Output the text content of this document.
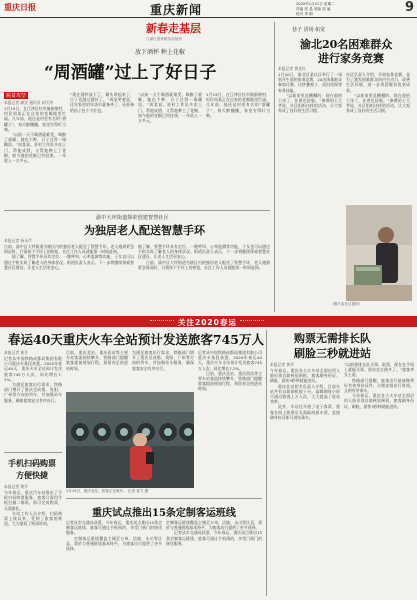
重庆日报	重庆新闻	2020年1月21日 星期二
责编 张 晶 美编 周 谧
校对 李 娟	9
新春走基层
江津区国家税务局组织
放下酒杯 种上花椒
“周酒罐”过上了好日子
脱贫攻坚
本报记者 颜安 通讯员 胡天荣

1月19日，在江津区杜市镇新塘村，村民周某正在自家的花椒地里忙碌。几年前，他还是村里有名的“酒罐子”，每天醉醺醺，家里穷得叮当响。

“以前一天不喝酒就难受，喝醉了就睡，地也不种，日子过得一塌糊涂。”周某说。驻村工作队多次上门，帮他戒酒，又帮他种上了花椒，如今他的花椒已经挂果，一年收入一万多元。

“现在酒杯放下了，锄头拿起来了，日子也越过越好了。”周某笑着说，过年家里的年货早就备齐了，还准备给孙子包个大红包。

“以前一天不喝酒就难受，喝醉了就睡，地也不种，日子过得一塌糊涂。”周某说。驻村工作队多次上门，帮他戒酒，又帮他种上了花椒，如今他的花椒已经挂果，一年收入一万多元。

1月19日，在江津区杜市镇新塘村，村民周某正在自家的花椒地里忙碌。几年前，他还是村里有名的“酒罐子”，每天醉醺醺，家里穷得叮当响。

巷子 清场 拓宽
渝北20名困难群众
进行家务竞赛
本报记者 黄光红

1月20日，渝北区某社区举行了一场别开生面的家务竞赛，20名困难群众参加比赛，比拼叠被子、清扫房间等家务技能。

“以前家里乱糟糟的，现在收拾干净了，住着也舒服。”参赛的王大爷说，社区组织这样的活动，让大家养成了良好的生活习惯。

社区负责人介绍，开展家务竞赛，是为了激发困难群众的内生动力，改善生活环境，进一步巩固脱贫攻坚成果。

“以前家里乱糟糟的，现在收拾干净了，住着也舒服。”参赛的王大爷说，社区组织这样的活动，让大家养成了良好的生活习惯。

（图片由社区提供）
渝中大坪街道探索创建智慧社区
为独居老人配送智慧手环
本报记者 杨永芹

日前，渝中区大坪街道为辖区内的独居老人配送了智慧手环，老人遇到紧急情况时，只需按下手环上的按钮，社区工作人员就能第一时间赶到。

据了解，智慧手环具有定位、一键呼叫、心率监测等功能，子女也可以通过手机实时了解老人的身体状况。街道负责人表示，下一步将继续探索智慧社区建设，让老人生活更安心。

据了解，智慧手环具有定位、一键呼叫、心率监测等功能，子女也可以通过手机实时了解老人的身体状况。街道负责人表示，下一步将继续探索智慧社区建设，让老人生活更安心。

日前，渝中区大坪街道为辖区内的独居老人配送了智慧手环，老人遇到紧急情况时，只需按下手环上的按钮，社区工作人员就能第一时间赶到。

关注2020春运
春运40天重庆火车全站预计发送旅客745万人
本报记者 黄乔

记者从中国铁路成都局集团有限公司重庆车务段获悉，2020年春运40天，重庆火车全站预计发送旅客745万人次，同比增长7.2%。

为满足旅客出行需求，铁路部门增开了重庆至成都、贵阳、广州等方向的列车，并加强站车服务，确保旅客安全有序出行。

目前，重庆北站、重庆西站等主要车站客流持续攀升，铁路部门提醒旅客提前规划行程，预留充足的进站时间。

为满足旅客出行需求，铁路部门增开了重庆至成都、贵阳、广州等方向的列车，并加强站车服务，确保旅客安全有序出行。

记者从中国铁路成都局集团有限公司重庆车务段获悉，2020年春运40天，重庆火车全站预计发送旅客745万人次，同比增长7.2%。

目前，重庆北站、重庆西站等主要车站客流持续攀升，铁路部门提醒旅客提前规划行程，预留充足的进站时间。

1月19日，重庆北站，旅客正在候车。 记者 崔力 摄
手机扫码购票
方便快捷
本报记者 黄乔

今年春运，重庆汽车站推出了手机扫码购票服务，旅客只需用手机扫描二维码，即可完成购票，无需排队。

车站工作人员介绍，扫码购票上线以来，受到了旅客的欢迎，大大缩短了购票时间。

重庆试点推出15条定制客运班线

记者从市交通局获悉，今年春运，重庆试点推出15条定制客运班线，旅客可通过手机预约，享受门到门的接送服务。

定制客运班线覆盖主城至万州、涪陵、永川等区县，票价与普通班线基本持平，为旅客出行提供了更多选择。

定制客运班线覆盖主城至万州、涪陵、永川等区县，票价与普通班线基本持平，为旅客出行提供了更多选择。

记者从市交通局获悉，今年春运，重庆试点推出15条定制客运班线，旅客可通过手机预约，享受门到门的接送服务。

购票无需排长队
刷脸三秒就进站
本报记者 黄乔

今年春运，重庆各大火车站全面启用人脸识别自助核验闸机，旅客刷身份证、刷脸，最快3秒钟就能进站。

重庆北站相关负责人介绍，目前车站共有自助闸机数十台，高峰期每小时可通过旅客上万人次，大大提高了进站效率。

此外，车站还开通了电子客票，旅客在网上购票后无需取纸质车票，直接刷身份证即可进站乘车。

“以前要排长队买票、取票，现在在手机上就能买票，进站也方便多了。”旅客李女士说。

铁路部门提醒，旅客出行前请携带好有效身份证件，合理安排出行时间，文明有序乘车。

今年春运，重庆各大火车站全面启用人脸识别自助核验闸机，旅客刷身份证、刷脸，最快3秒钟就能进站。
